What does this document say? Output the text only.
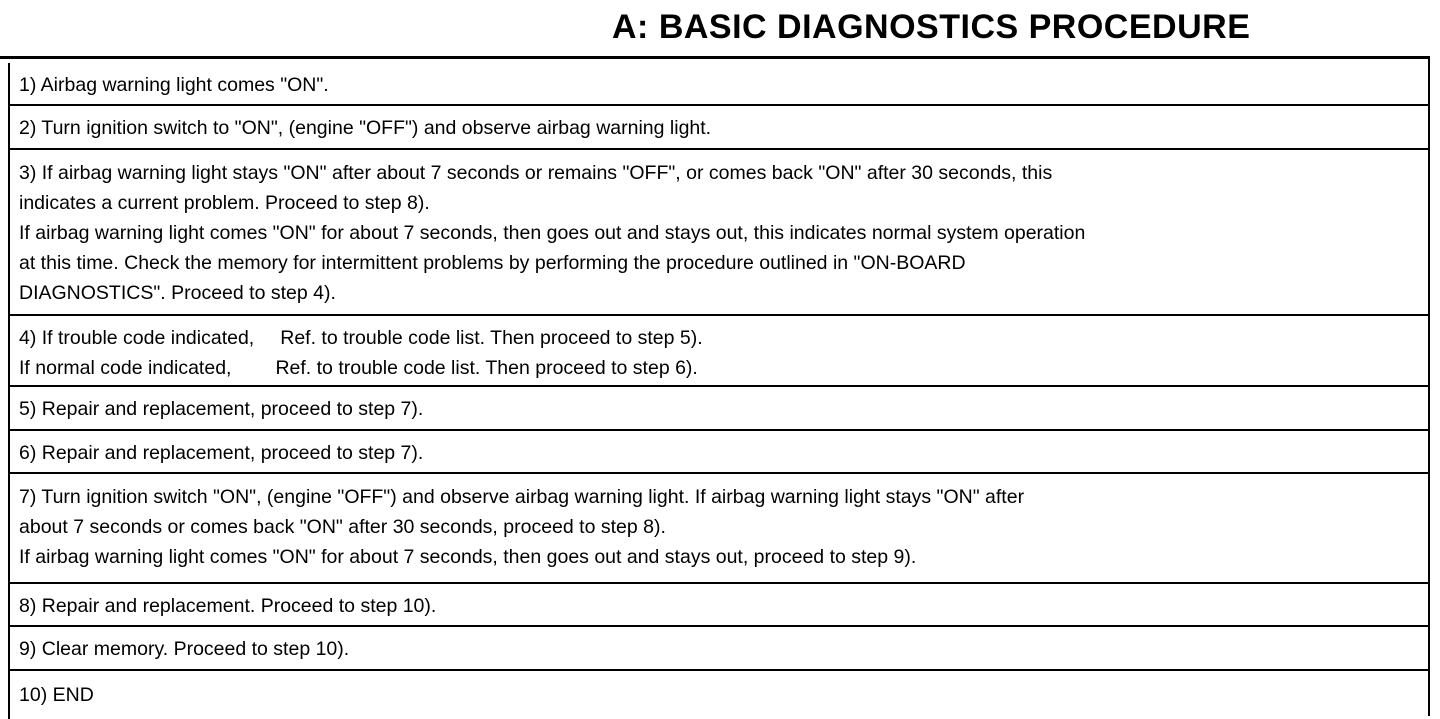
A: BASIC DIAGNOSTICS PROCEDURE
1) Airbag warning light comes "ON".
2) Turn ignition switch to "ON", (engine "OFF") and observe airbag warning light.
3) If airbag warning light stays "ON" after about 7 seconds or remains "OFF", or comes back "ON" after 30 seconds, this
indicates a current problem. Proceed to step 8).
If airbag warning light comes "ON" for about 7 seconds, then goes out and stays out, this indicates normal system operation
at this time. Check the memory for intermittent problems by performing the procedure outlined in "ON-BOARD
DIAGNOSTICS". Proceed to step 4).
4) If trouble code indicated, Ref. to trouble code list. Then proceed to step 5).
If normal code indicated, Ref. to trouble code list. Then proceed to step 6).
5) Repair and replacement, proceed to step 7).
6) Repair and replacement, proceed to step 7).
7) Turn ignition switch "ON", (engine "OFF") and observe airbag warning light. If airbag warning light stays "ON" after
about 7 seconds or comes back "ON" after 30 seconds, proceed to step 8).
If airbag warning light comes "ON" for about 7 seconds, then goes out and stays out, proceed to step 9).
8) Repair and replacement. Proceed to step 10).
9) Clear memory. Proceed to step 10).
10) END
